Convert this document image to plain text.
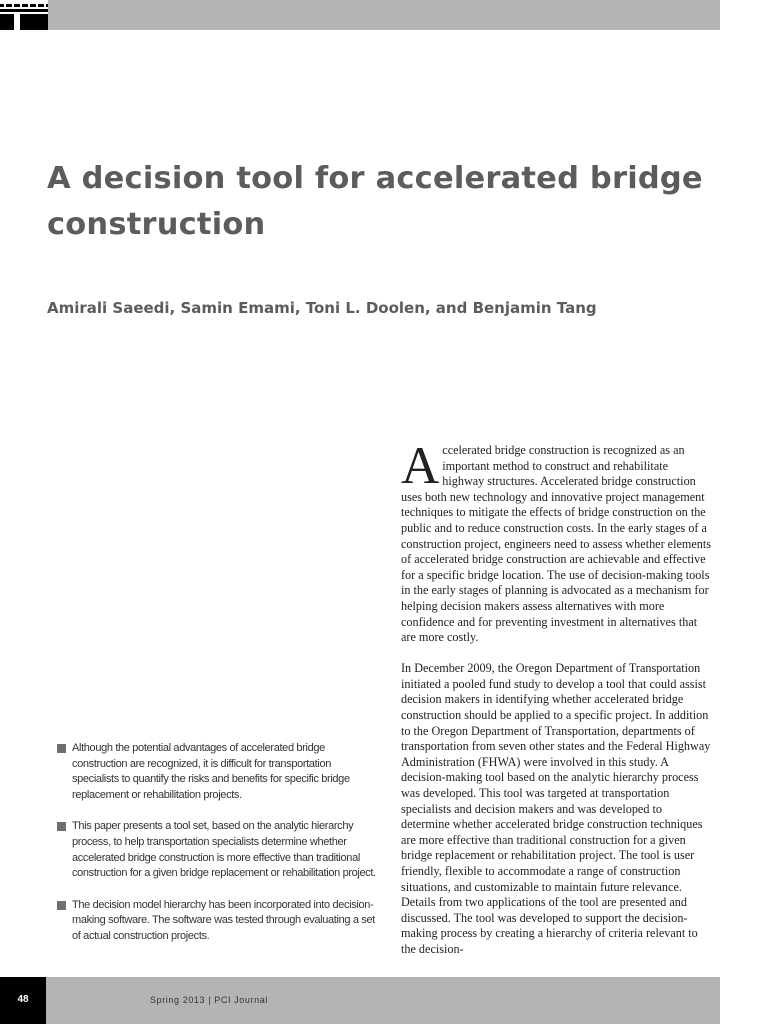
A decision tool for accelerated bridge construction
Amirali Saeedi, Samin Emami, Toni L. Doolen, and Benjamin Tang
Although the potential advantages of accelerated bridge construction are recognized, it is difficult for transportation specialists to quantify the risks and benefits for specific bridge replacement or rehabilitation projects.
This paper presents a tool set, based on the analytic hierarchy process, to help transportation specialists determine whether accelerated bridge construction is more effective than traditional construction for a given bridge replacement or rehabilitation project.
The decision model hierarchy has been incorporated into decision-making software. The software was tested through evaluating a set of actual construction projects.

Accelerated bridge construction is recognized as an important method to construct and rehabilitate highway structures. Accelerated bridge construction uses both new technology and innovative project management techniques to mitigate the effects of bridge construction on the public and to reduce construction costs. In the early stages of a construction project, engineers need to assess whether elements of accelerated bridge construction are achievable and effective for a specific bridge location. The use of decision-making tools in the early stages of planning is advocated as a mechanism for helping decision makers assess alternatives with more confidence and for preventing investment in alternatives that are more costly.

In December 2009, the Oregon Department of Transportation initiated a pooled fund study to develop a tool that could assist decision makers in identifying whether accelerated bridge construction should be applied to a specific project. In addition to the Oregon Department of Transportation, departments of transportation from seven other states and the Federal Highway Administration (FHWA) were involved in this study. A decision-making tool based on the analytic hierarchy process was developed. This tool was targeted at transportation specialists and decision makers and was developed to determine whether accelerated bridge construction techniques are more effective than traditional construction for a given bridge replacement or rehabilitation project. The tool is user friendly, flexible to accommodate a range of construction situations, and customizable to maintain future relevance. Details from two applications of the tool are presented and discussed. The tool was developed to support the decision-making process by creating a hierarchy of criteria relevant to the decision-

48	Spring 2013 | PCI Journal
